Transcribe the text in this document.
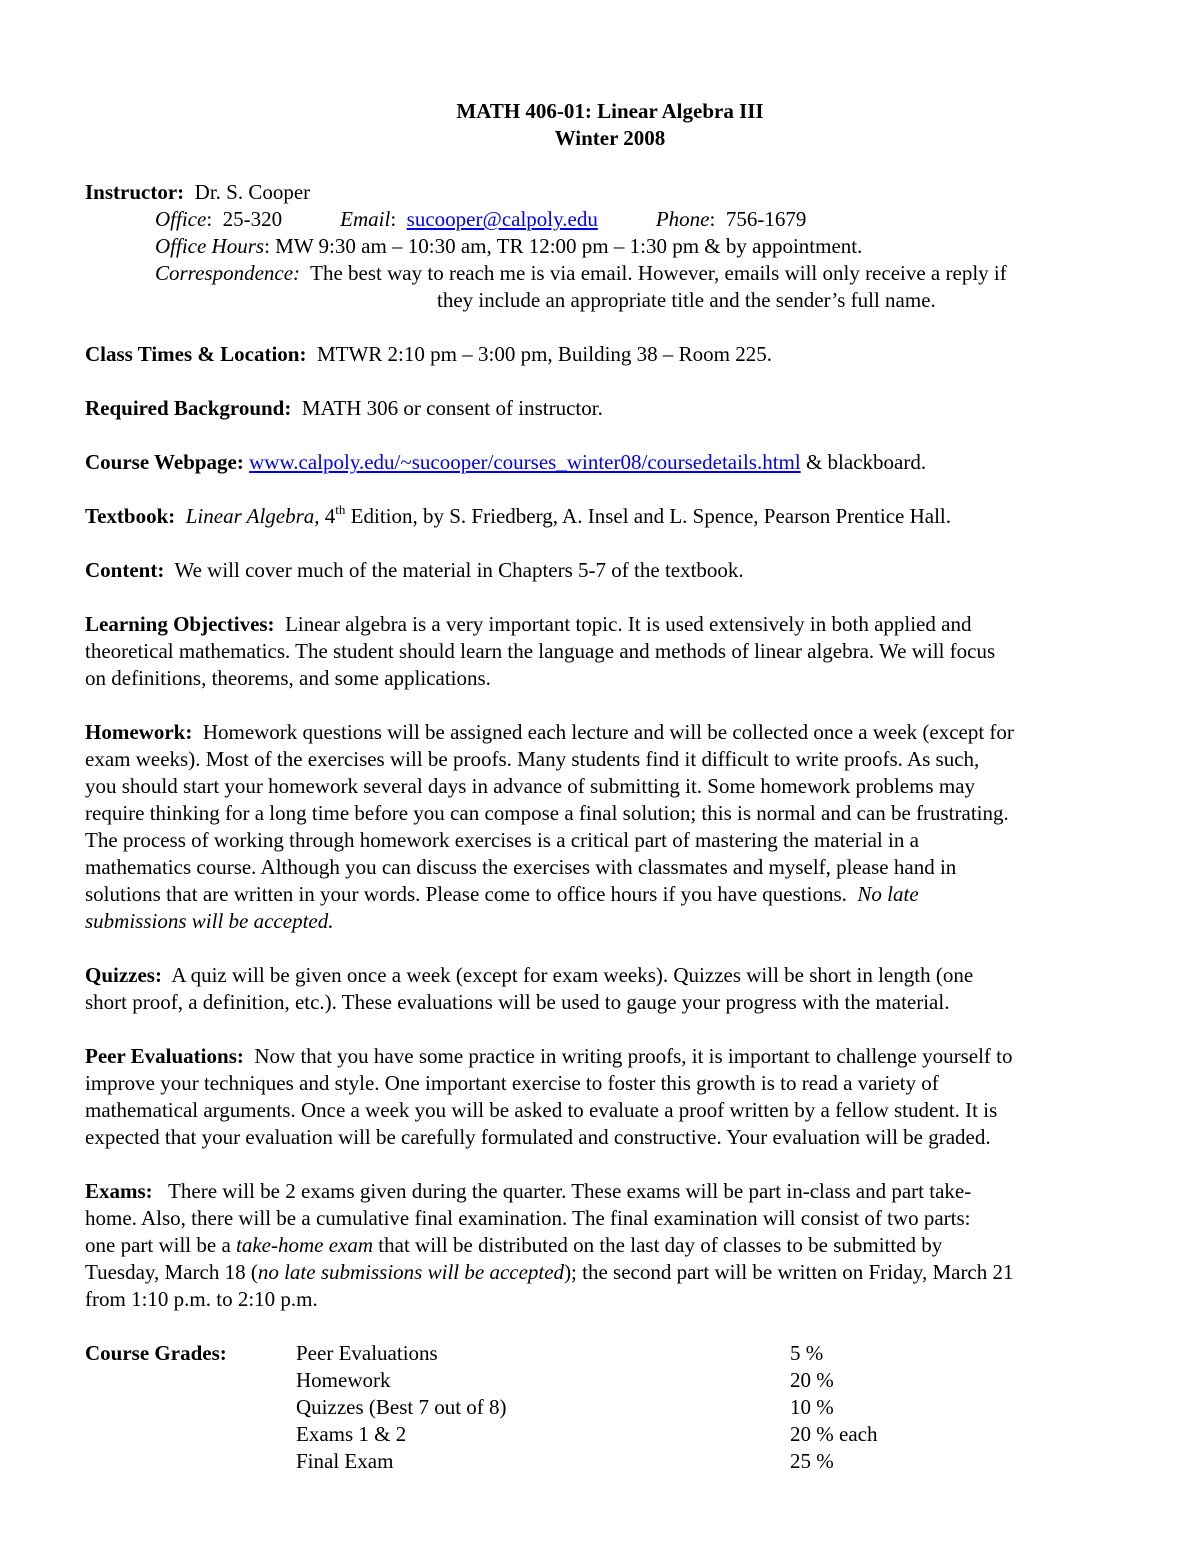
MATH 406-01: Linear Algebra III
Winter 2008
Instructor: Dr. S. Cooper
Office:  25-320	Email:  sucooper@calpoly.edu	Phone:  756-1679
Office Hours: MW 9:30 am – 10:30 am, TR 12:00 pm – 1:30 pm & by appointment.
Correspondence: The best way to reach me is via email. However, emails will only receive a reply if
they include an appropriate title and the sender’s full name.
Class Times & Location: MTWR 2:10 pm – 3:00 pm, Building 38 – Room 225.
Required Background: MATH 306 or consent of instructor.
Course Webpage: www.calpoly.edu/~sucooper/courses_winter08/coursedetails.html & blackboard.
Textbook: Linear Algebra, 4th Edition, by S. Friedberg, A. Insel and L. Spence, Pearson Prentice Hall.
Content: We will cover much of the material in Chapters 5-7 of the textbook.
Learning Objectives: Linear algebra is a very important topic. It is used extensively in both applied and
theoretical mathematics. The student should learn the language and methods of linear algebra. We will focus
on definitions, theorems, and some applications.
Homework: Homework questions will be assigned each lecture and will be collected once a week (except for
exam weeks). Most of the exercises will be proofs. Many students find it difficult to write proofs. As such,
you should start your homework several days in advance of submitting it. Some homework problems may
require thinking for a long time before you can compose a final solution; this is normal and can be frustrating.
The process of working through homework exercises is a critical part of mastering the material in a
mathematics course. Although you can discuss the exercises with classmates and myself, please hand in
solutions that are written in your words. Please come to office hours if you have questions. No late
submissions will be accepted.
Quizzes: A quiz will be given once a week (except for exam weeks). Quizzes will be short in length (one
short proof, a definition, etc.). These evaluations will be used to gauge your progress with the material.
Peer Evaluations: Now that you have some practice in writing proofs, it is important to challenge yourself to
improve your techniques and style. One important exercise to foster this growth is to read a variety of
mathematical arguments. Once a week you will be asked to evaluate a proof written by a fellow student. It is
expected that your evaluation will be carefully formulated and constructive. Your evaluation will be graded.
Exams: There will be 2 exams given during the quarter. These exams will be part in-class and part take-
home. Also, there will be a cumulative final examination. The final examination will consist of two parts:
one part will be a take-home exam that will be distributed on the last day of classes to be submitted by
Tuesday, March 18 (no late submissions will be accepted); the second part will be written on Friday, March 21
from 1:10 p.m. to 2:10 p.m.
Course Grades:	Peer Evaluations	5 %
Homework	20 %
Quizzes (Best 7 out of 8)	10 %
Exams 1 & 2	20 % each
Final Exam	25 %
